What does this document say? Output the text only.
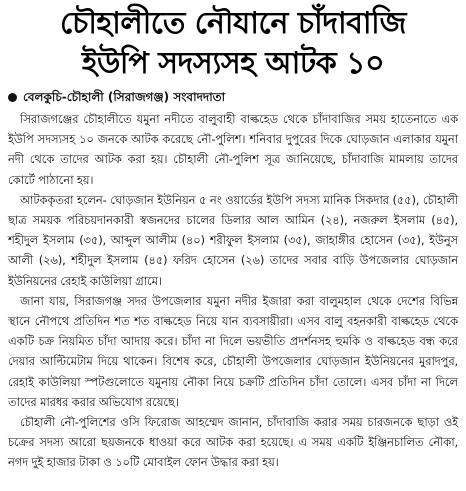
চৌহালীতে নৌযানে চাঁদাবাজি
ইউপি সদস্যসহ আটক ১০
বেলকুচি-চৌহালী (সিরাজগঞ্জ) সংবাদদাতা

সিরাজগঞ্জের চৌহালীতে যমুনা নদীতে বালুবাহী বাল্কহেড থেকে চাঁদাবাজির সময় হাতেনাতে এক ইউপি সদস্যসহ ১০ জনকে আটক করেছে নৌ-পুলিশ। শনিবার দুপুরের দিকে ঘোড়জান এলাকার যমুনা নদী থেকে তাদের আটক করা হয়। চৌহালী নৌ-পুলিশ সূত্র জানিয়েছে, চাঁদাবাজি মামলায় তাদের কোর্টে পাঠানো হয়।

আটককৃতরা হলেন- ঘোড়জান ইউনিয়ন ৫ নং ওয়ার্ডের ইউপি সদস্য মানিক সিকদার (৫৫), চৌহালী ছাত্র সময়ক পরিচয়দানকারী স্বজনদের চালের ডিলার আল আমিন (২৪), নজরুল ইসলাম (৪৫), শহীদুল ইসলাম (৩৫), আব্দুল আলীম (৪০) শরীফুল ইসলাম (৩৫), জাহাঙ্গীর হোসেন (৩৫), ইউনুস আলী (২৬), শহীদুল ইসলাম (৪৫) ফরিদ হোসেন (২৬) তাদের সবার বাড়ি উপজেলার ঘোড়জান ইউনিয়নের রেহাই কাউলিয়া গ্রামে।

জানা যায়, সিরাজগঞ্জ সদর উপজেলার যমুনা নদীর ইজারা করা বালুমহাল থেকে দেশের বিভিন্ন স্থানে নৌপথে প্রতিদিন শত শত বাল্কহেড নিয়ে যান ব্যবসায়ীরা। এসব বালু বহনকারী বাল্কহেড থেকে একটি চক্র নিয়মিত চাঁদা আদায় করে। চাঁদা না দিলে ভয়ভীতি প্রদর্শনসহ হুমকি ও বাল্কহেড বন্ধ করে দেয়ার আল্টিমেটাম দিয়ে থাকেন। বিশেষ করে, চৌহালী উপজেলার ঘোড়জান ইউনিয়নের মুরাদপুর, রেহাই কাউলিয়া স্পটগুলোতে যমুনায় নৌকা নিয়ে চক্রটি প্রতিদিন চাঁদা তোলে। এসব চাঁদা না দিলে তাদের মারধর করার অভিযোগ রয়েছে।

চৌহালী নৌ-পুলিশের ওসি ফিরোজ আহম্মেদ জানান, চাঁদাবাজি করার সময় চারজনকে ছাড়া ওই চক্রের সদস্য আরো ছয়জনকে ধাওয়া করে আটক করা হয়েছে। এ সময় একটি ইঞ্জিনচালিত নৌকা, নগদ দুই হাজার টাকা ও ১০টি মোবাইল ফোন উদ্ধার করা হয়।
